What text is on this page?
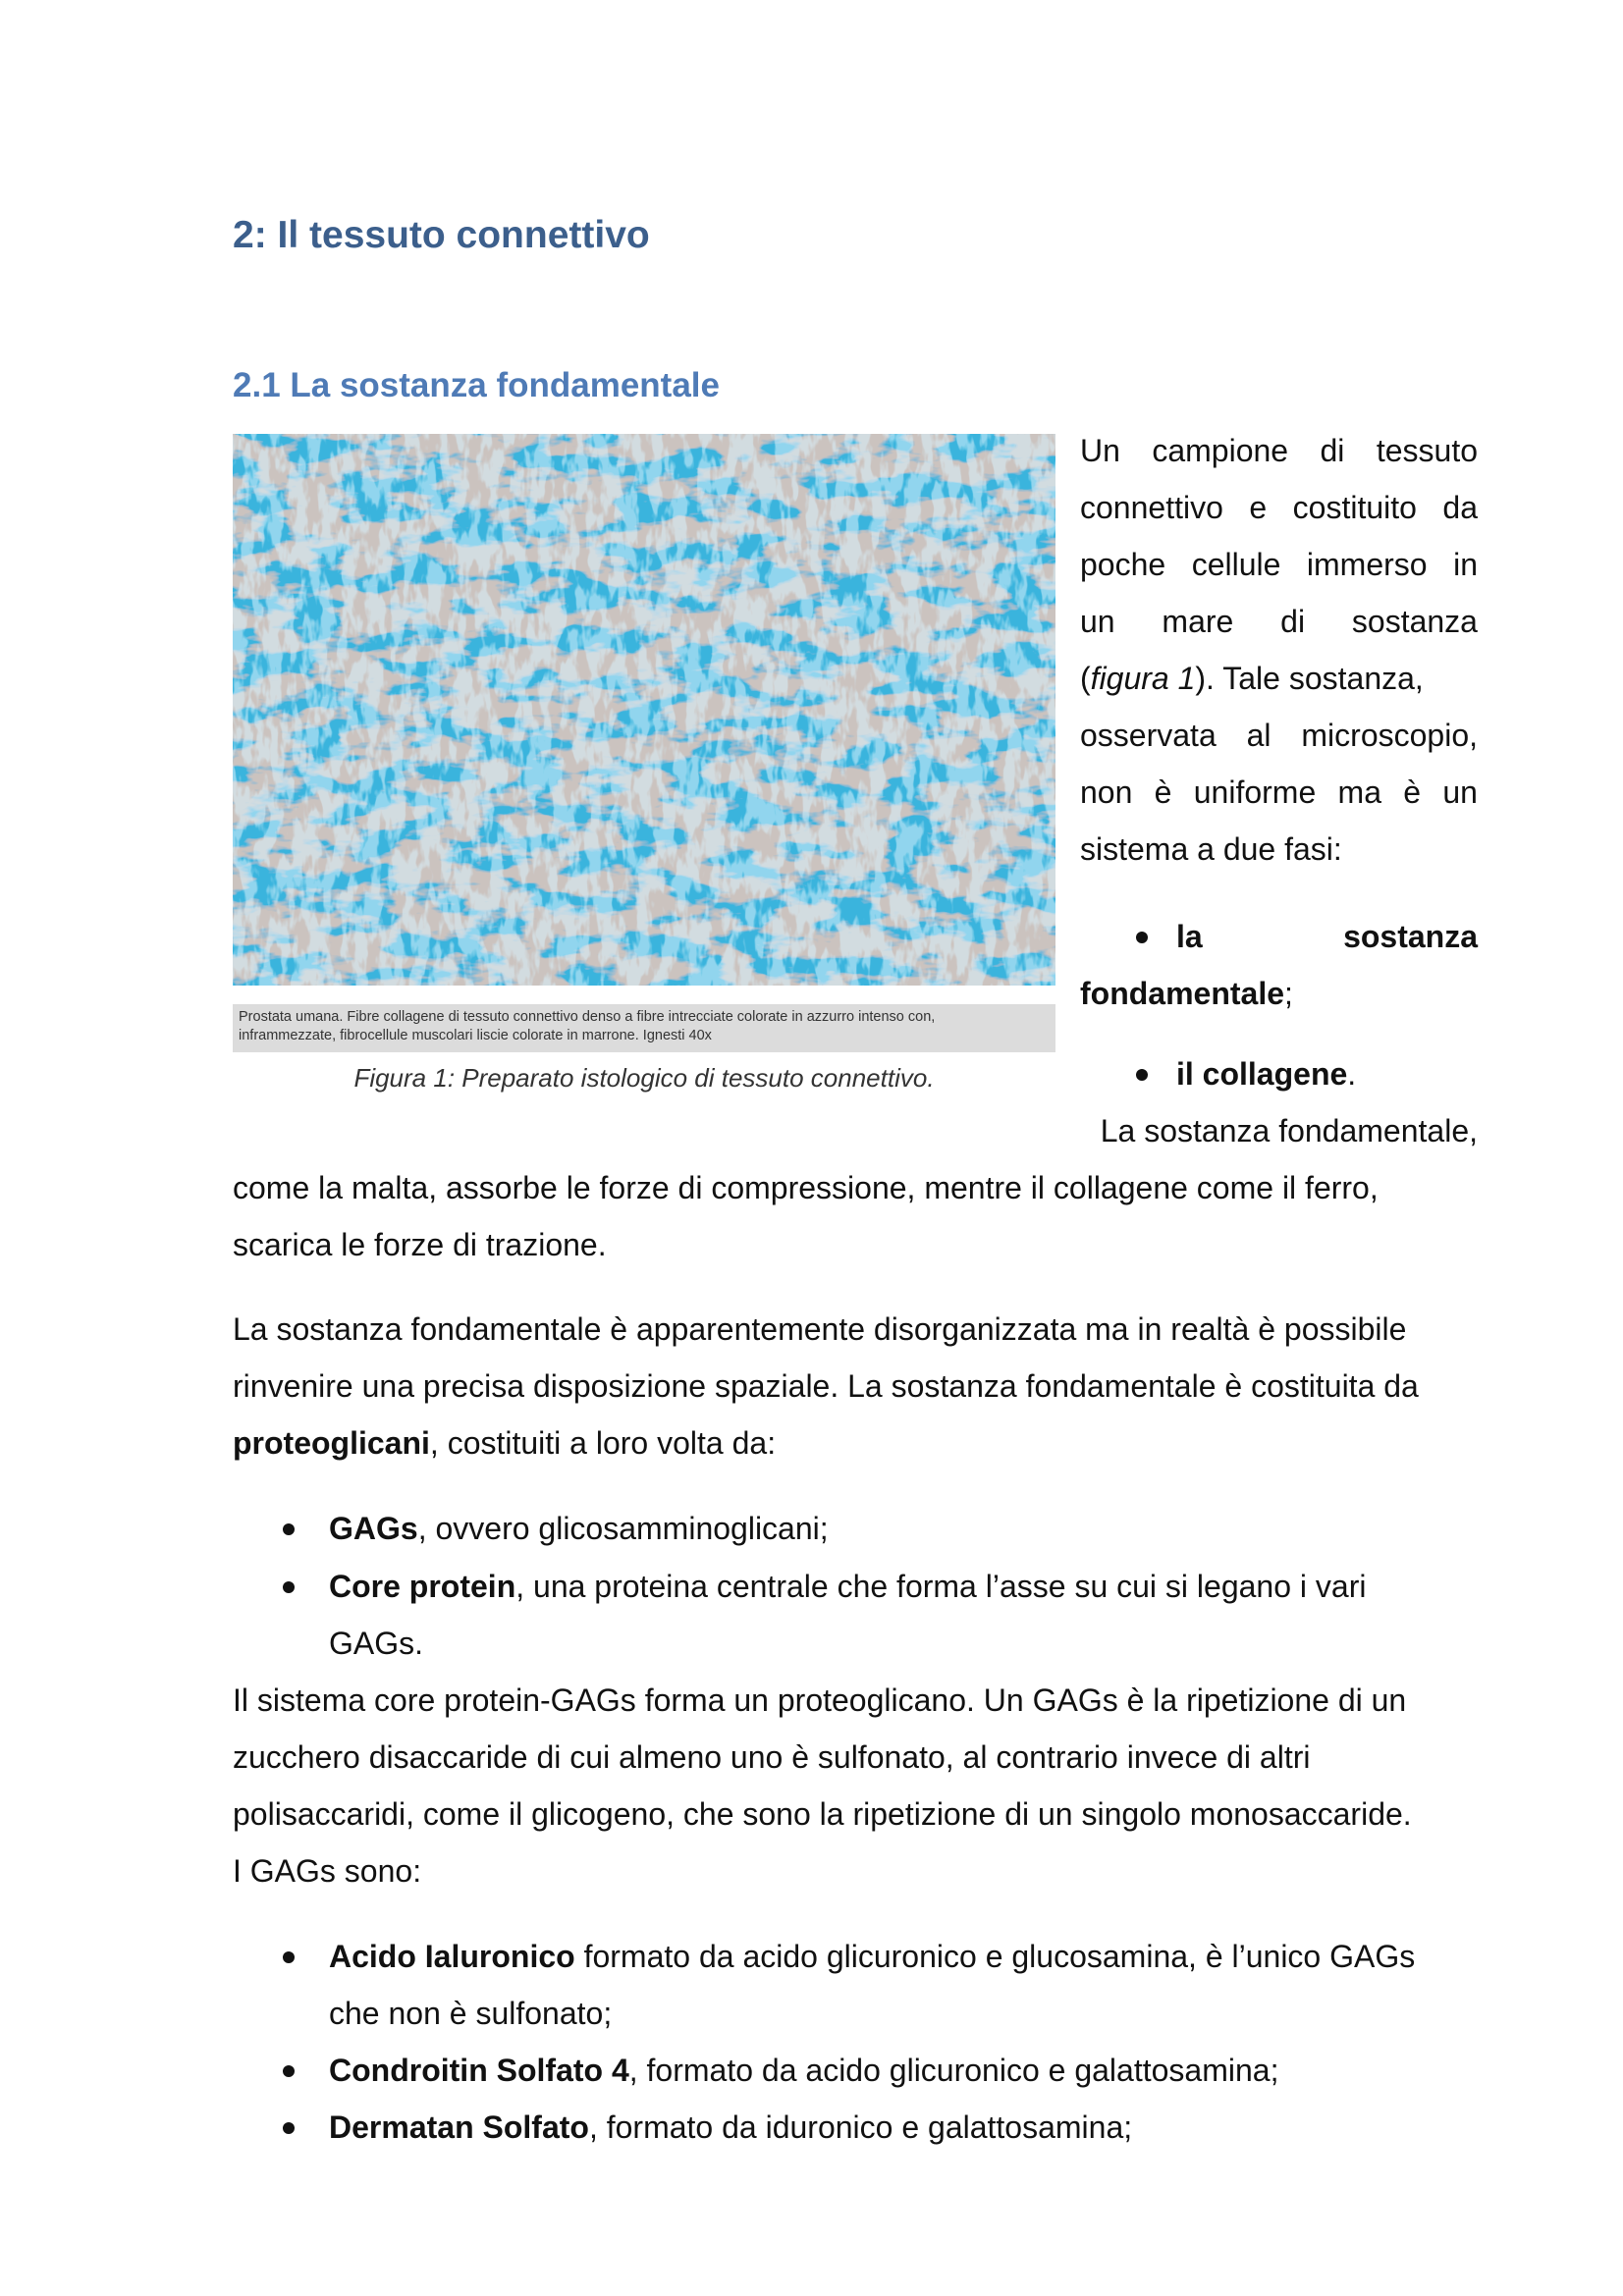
2: Il tessuto connettivo
2.1 La sostanza fondamentale
Prostata umana. Fibre collagene di tessuto connettivo denso a fibre intrecciate colorate in azzurro intenso con,
inframmezzate, fibrocellule muscolari liscie colorate in marrone. Ignesti 40x
Figura 1: Preparato istologico di tessuto connettivo.
Un campione di tessuto
connettivo e costituito da
poche cellule immerso in
un mare di sostanza
(figura 1). Tale sostanza,
osservata al microscopio,
non è uniforme ma è un
sistema a due fasi:
la	sostanza
fondamentale;
il collagene .
La sostanza fondamentale,
come la malta, assorbe le forze di compressione, mentre il collagene come il ferro,
scarica le forze di trazione.
La sostanza fondamentale è apparentemente disorganizzata ma in realtà è possibile
rinvenire una precisa disposizione spaziale. La sostanza fondamentale è costituita da
proteoglicani, costituiti a loro volta da:
GAGs, ovvero glicosamminoglicani;
Core protein, una proteina centrale che forma l’asse su cui si legano i vari
GAGs.
Il sistema core protein-GAGs forma un proteoglicano. Un GAGs è la ripetizione di un
zucchero disaccaride di cui almeno uno è sulfonato, al contrario invece di altri
polisaccaridi, come il glicogeno, che sono la ripetizione di un singolo monosaccaride.
I GAGs sono:
Acido Ialuronico formato da acido glicuronico e glucosamina, è l’unico GAGs
che non è sulfonato;
Condroitin Solfato 4, formato da acido glicuronico e galattosamina;
Dermatan Solfato, formato da iduronico e galattosamina;
